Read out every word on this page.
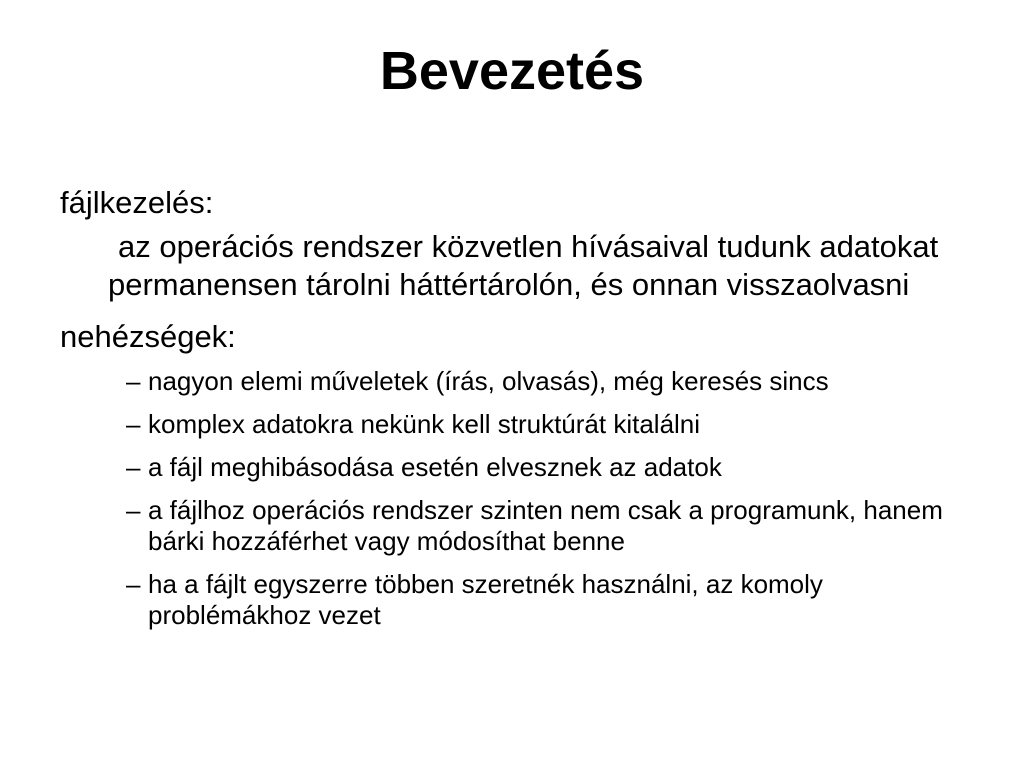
Bevezetés

fájlkezelés:

az operációs rendszer közvetlen hívásaival tudunk adatokat permanensen tárolni háttértárolón, és onnan visszaolvasni

nehézségek:

– nagyon elemi műveletek (írás, olvasás), még keresés sincs
– komplex adatokra nekünk kell struktúrát kitalálni
– a fájl meghibásodása esetén elvesznek az adatok
– a fájlhoz operációs rendszer szinten nem csak a programunk, hanem bárki hozzáférhet vagy módosíthat benne
– ha a fájlt egyszerre többen szeretnék használni, az komoly problémákhoz vezet
